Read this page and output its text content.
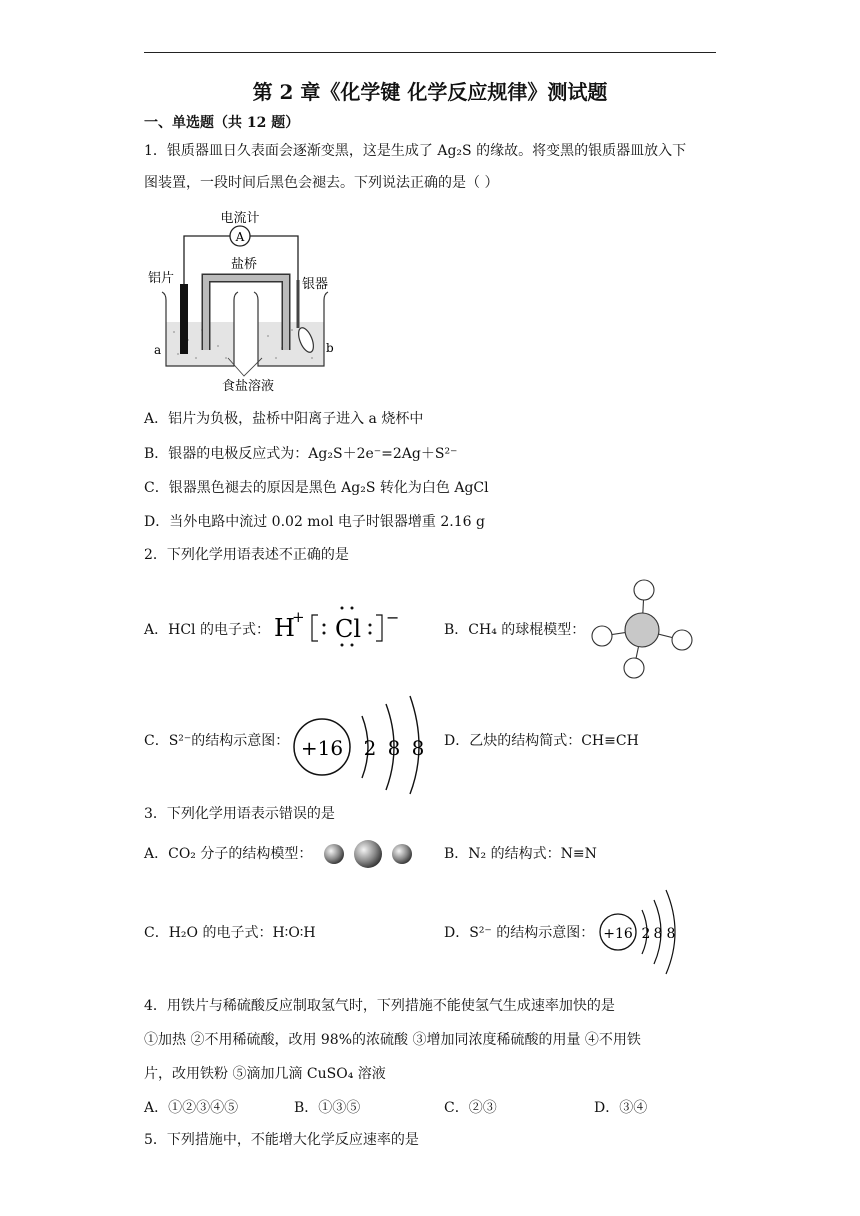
第 2 章《化学键 化学反应规律》测试题
一、单选题（共 12 题）
1．银质器皿日久表面会逐渐变黑，这是生成了 Ag₂S 的缘故。将变黑的银质器皿放入下
图装置，一段时间后黑色会褪去。下列说法正确的是（ ）
A
电流计
盐桥
铝片	银器
a	b
食盐溶液
A．铝片为负极，盐桥中阳离子进入 a 烧杯中
B．银器的电极反应式为：Ag₂S＋2e⁻=2Ag＋S²⁻
C．银器黑色褪去的原因是黑色 Ag₂S 转化为白色 AgCl
D．当外电路中流过 0.02 mol 电子时银器增重 2.16 g
2．下列化学用语表述不正确的是
A．HCl 的电子式： H
+ Cl −
B．CH₄ 的球棍模型：
C．S²⁻的结构示意图： +16 2 8 8 D．乙炔的结构简式：CH≡CH
3．下列化学用语表示错误的是
A．CO₂ 分子的结构模型：	B．N₂ 的结构式：N≡N
C．H₂O 的电子式：H∶O∶H	D．S²⁻ 的结构示意图： +16 2 8 8
4．用铁片与稀硫酸反应制取氢气时，下列措施不能使氢气生成速率加快的是
①加热 ②不用稀硫酸，改用 98%的浓硫酸 ③增加同浓度稀硫酸的用量 ④不用铁
片，改用铁粉 ⑤滴加几滴 CuSO₄ 溶液
A．①②③④⑤	B．①③⑤	C．②③	D．③④
5．下列措施中，不能增大化学反应速率的是
